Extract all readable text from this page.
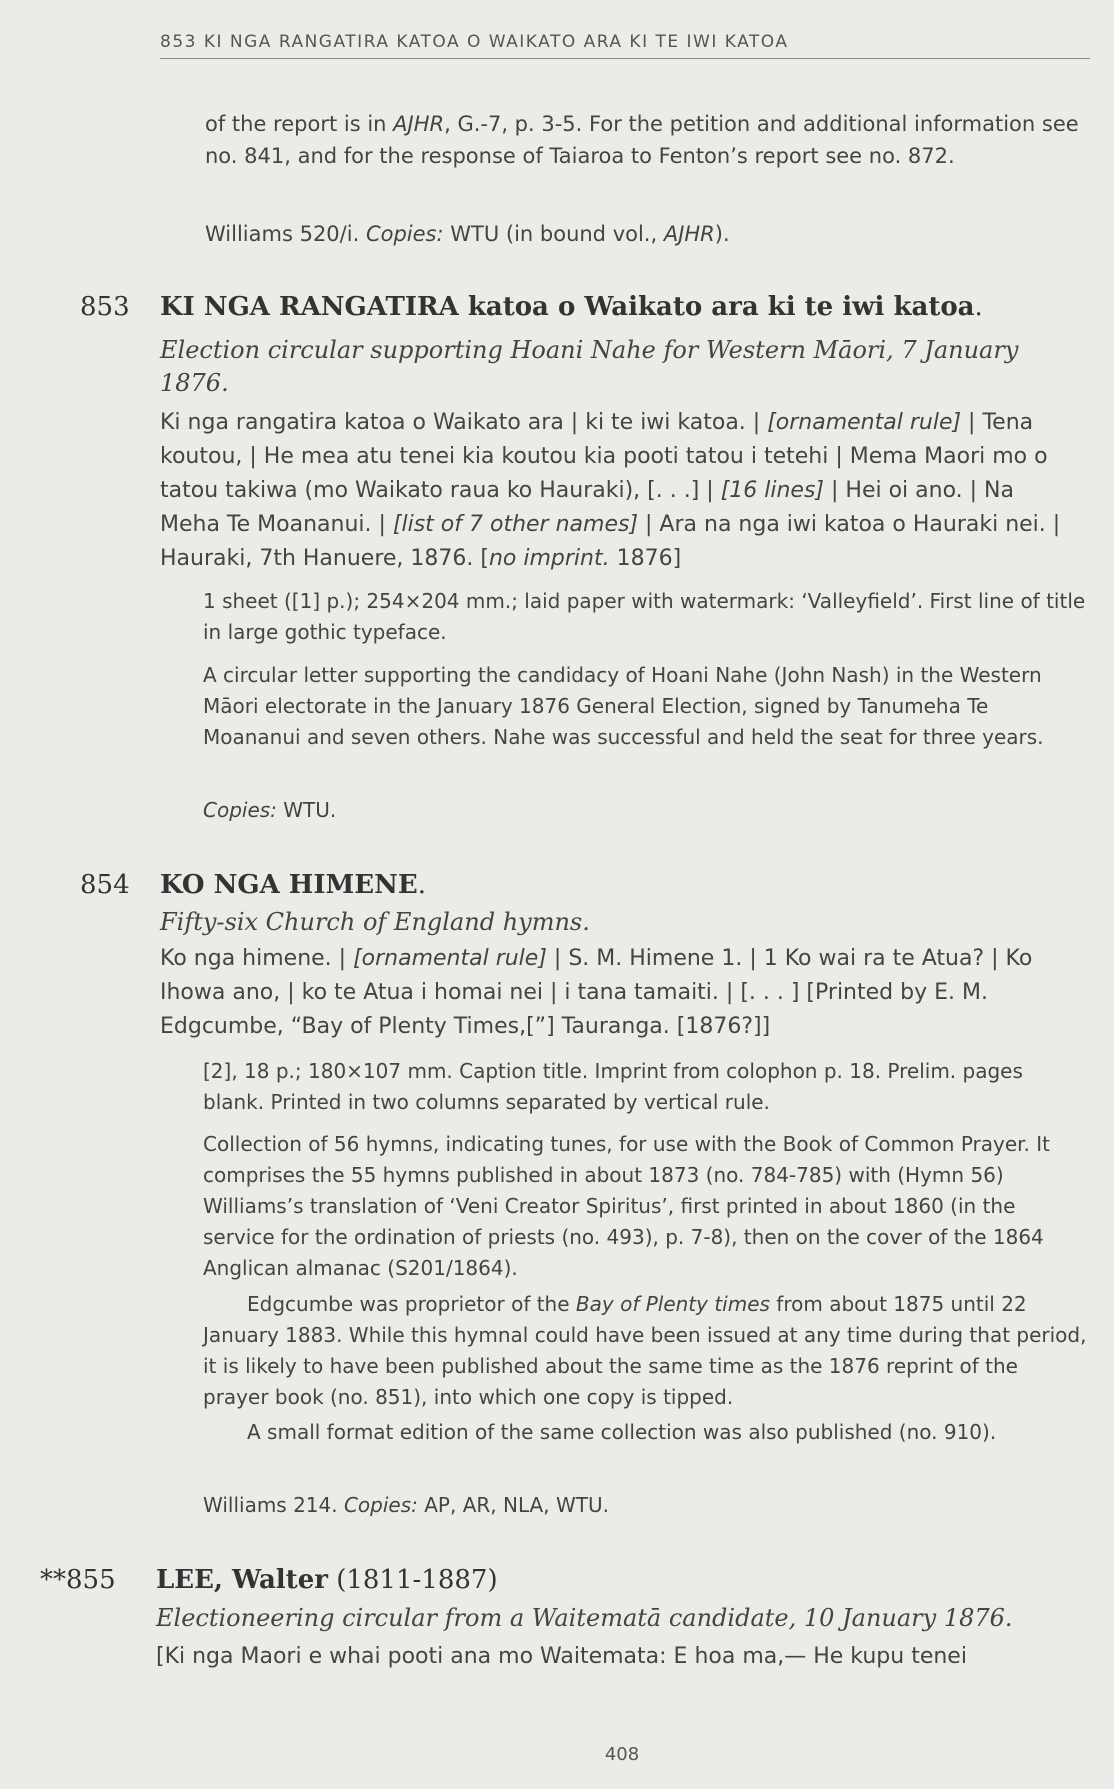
853 KI NGA RANGATIRA KATOA O WAIKATO ARA KI TE IWI KATOA

of the report is in AJHR, G.-7, p. 3-5. For the petition and additional information see no. 841, and for the response of Taiaroa to Fenton’s report see no. 872.

Williams 520/i. Copies: WTU (in bound vol., AJHR).

853 KI NGA RANGATIRA katoa o Waikato ara ki te iwi katoa.

Election circular supporting Hoani Nahe for Western Māori, 7 January 1876.

Ki nga rangatira katoa o Waikato ara | ki te iwi katoa. | [ornamental rule] | Tena koutou, | He mea atu tenei kia koutou kia pooti tatou i tetehi | Mema Maori mo o tatou takiwa (mo Waikato raua ko Hauraki), [. . .] | [16 lines] | Hei oi ano. | Na Meha Te Moananui. | [list of 7 other names] | Ara na nga iwi katoa o Hauraki nei. | Hauraki, 7th Hanuere, 1876. [no imprint. 1876]

1 sheet ([1] p.); 254×204 mm.; laid paper with watermark: ‘Valleyfield’. First line of title in large gothic typeface.

A circular letter supporting the candidacy of Hoani Nahe (John Nash) in the Western Māori electorate in the January 1876 General Election, signed by Tanumeha Te Moananui and seven others. Nahe was successful and held the seat for three years.

Copies: WTU.

854 KO NGA HIMENE.

Fifty-six Church of England hymns.

Ko nga himene. | [ornamental rule] | S. M. Himene 1. | 1 Ko wai ra te Atua? | Ko Ihowa ano, | ko te Atua i homai nei | i tana tamaiti. | [. . . ] [Printed by E. M. Edgcumbe, “Bay of Plenty Times,[”] Tauranga. [1876?]]

[2], 18 p.; 180×107 mm. Caption title. Imprint from colophon p. 18. Prelim. pages blank. Printed in two columns separated by vertical rule.

Collection of 56 hymns, indicating tunes, for use with the Book of Common Prayer. It comprises the 55 hymns published in about 1873 (no. 784-785) with (Hymn 56) Williams’s translation of ‘Veni Creator Spiritus’, first printed in about 1860 (in the service for the ordination of priests (no. 493), p. 7-8), then on the cover of the 1864 Anglican almanac (S201/1864).

Edgcumbe was proprietor of the Bay of Plenty times from about 1875 until 22 January 1883. While this hymnal could have been issued at any time during that period, it is likely to have been published about the same time as the 1876 reprint of the prayer book (no. 851), into which one copy is tipped.

A small format edition of the same collection was also published (no. 910).

Williams 214. Copies: AP, AR, NLA, WTU.

**855 LEE, Walter (1811-1887)

Electioneering circular from a Waitematā candidate, 10 January 1876.

[Ki nga Maori e whai pooti ana mo Waitemata: E hoa ma,— He kupu tenei

408
